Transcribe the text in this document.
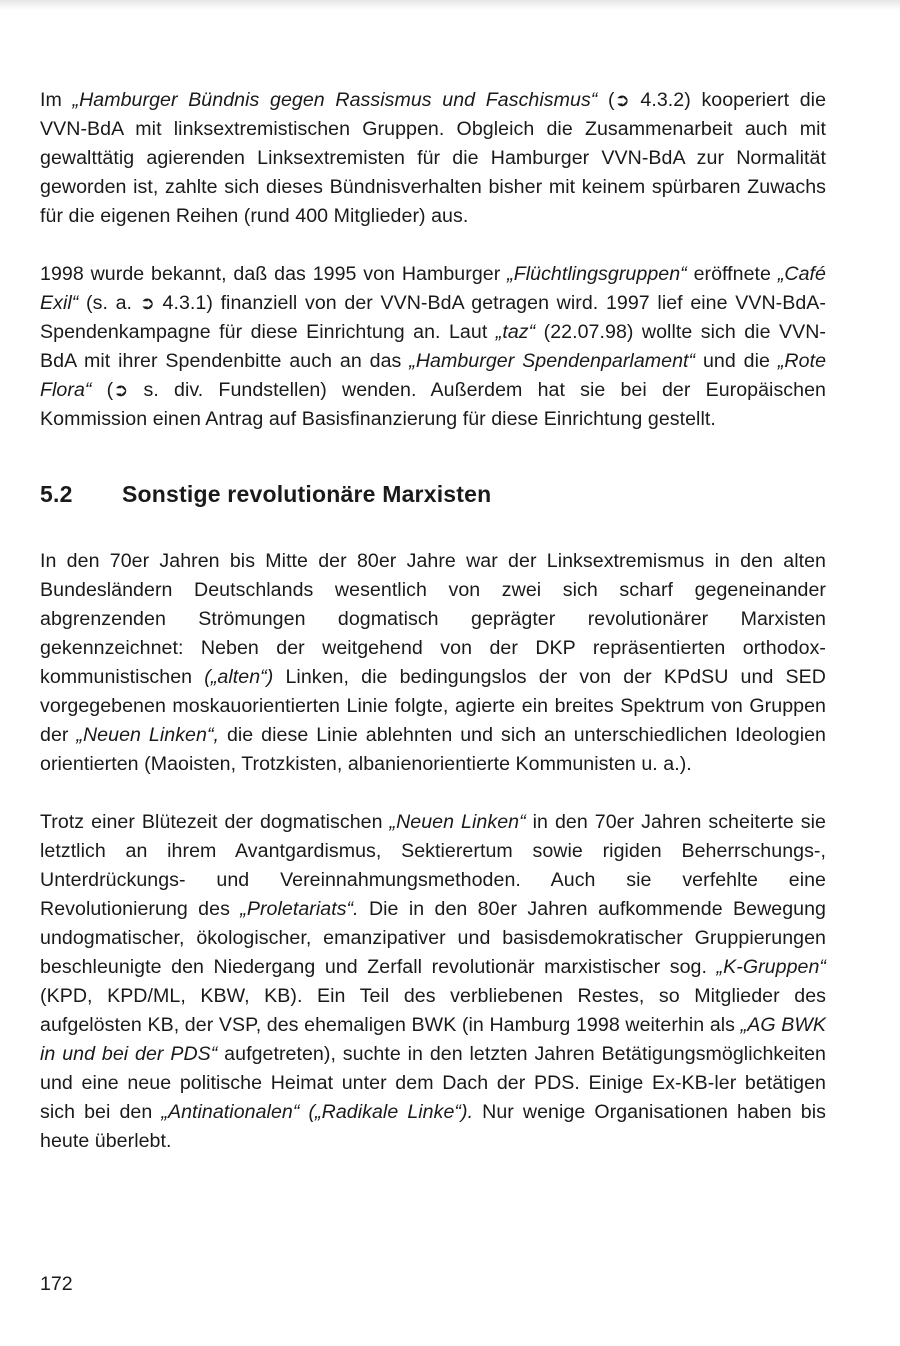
Im „Hamburger Bündnis gegen Rassismus und Faschismus“ (➲ 4.3.2) kooperiert die VVN-BdA mit linksextremistischen Gruppen. Obgleich die Zusammenarbeit auch mit gewalttätig agierenden Linksextremisten für die Hamburger VVN-BdA zur Normalität geworden ist, zahlte sich dieses Bündnisverhalten bisher mit keinem spürbaren Zuwachs für die eigenen Reihen (rund 400 Mitglieder) aus.

1998 wurde bekannt, daß das 1995 von Hamburger „Flüchtlingsgruppen“ eröffnete „Café Exil“ (s. a. ➲ 4.3.1) finanziell von der VVN-BdA getragen wird. 1997 lief eine VVN-BdA-Spendenkampagne für diese Einrichtung an. Laut „taz“ (22.07.98) wollte sich die VVN-BdA mit ihrer Spendenbitte auch an das „Hamburger Spendenparlament“ und die „Rote Flora“ (➲ s. div. Fundstellen) wenden. Außerdem hat sie bei der Europäischen Kommission einen Antrag auf Basisfinanzierung für diese Einrichtung gestellt.

5.2 Sonstige revolutionäre Marxisten

In den 70er Jahren bis Mitte der 80er Jahre war der Linksextremismus in den alten Bundesländern Deutschlands wesentlich von zwei sich scharf gegeneinander abgrenzenden Strömungen dogmatisch geprägter revolutionärer Marxisten gekennzeichnet: Neben der weitgehend von der DKP repräsentierten orthodox-kommunistischen („alten“) Linken, die bedingungslos der von der KPdSU und SED vorgegebenen moskauorientierten Linie folgte, agierte ein breites Spektrum von Gruppen der „Neuen Linken“, die diese Linie ablehnten und sich an unterschiedlichen Ideologien orientierten (Maoisten, Trotzkisten, albanienorientierte Kommunisten u. a.).

Trotz einer Blütezeit der dogmatischen „Neuen Linken“ in den 70er Jahren scheiterte sie letztlich an ihrem Avantgardismus, Sektierertum sowie rigiden Beherrschungs-, Unterdrückungs- und Vereinnahmungsmethoden. Auch sie verfehlte eine Revolutionierung des „Proletariats“. Die in den 80er Jahren aufkommende Bewegung undogmatischer, ökologischer, emanzipativer und basisdemokratischer Gruppierungen beschleunigte den Niedergang und Zerfall revolutionär marxistischer sog. „K-Gruppen“ (KPD, KPD/ML, KBW, KB). Ein Teil des verbliebenen Restes, so Mitglieder des aufgelösten KB, der VSP, des ehemaligen BWK (in Hamburg 1998 weiterhin als „AG BWK in und bei der PDS“ aufgetreten), suchte in den letzten Jahren Betätigungsmöglichkeiten und eine neue politische Heimat unter dem Dach der PDS. Einige Ex-KB-ler betätigen sich bei den „Antinationalen“ („Radikale Linke“). Nur wenige Organisationen haben bis heute überlebt.

172
